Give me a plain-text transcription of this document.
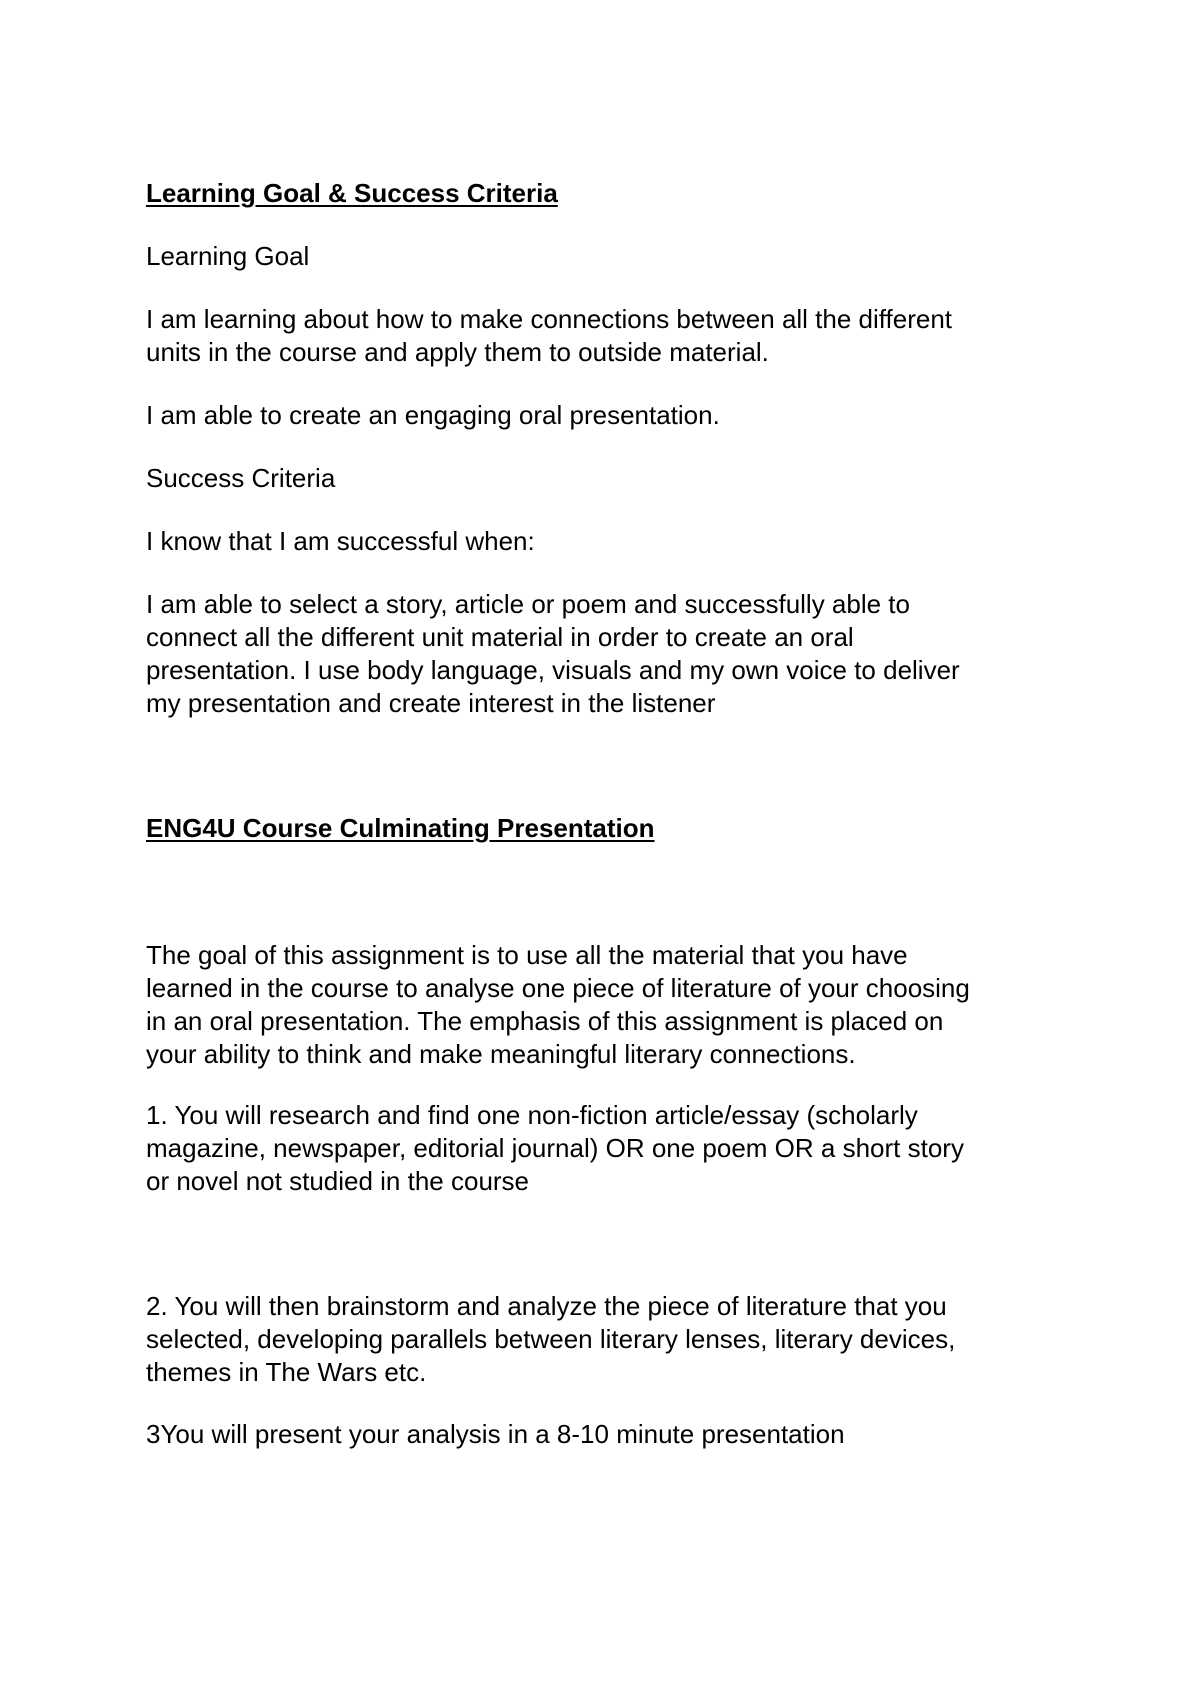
Learning Goal & Success Criteria

Learning Goal

I am learning about how to make connections between all the different
units in the course and apply them to outside material.

I am able to create an engaging oral presentation.

Success Criteria

I know that I am successful when:

I am able to select a story, article or poem and successfully able to
connect all the different unit material in order to create an oral
presentation. I use body language, visuals and my own voice to deliver
my presentation and create interest in the listener

ENG4U Course Culminating Presentation

The goal of this assignment is to use all the material that you have
learned in the course to analyse one piece of literature of your choosing
in an oral presentation. The emphasis of this assignment is placed on
your ability to think and make meaningful literary connections.

1. You will research and find one non-fiction article/essay (scholarly
magazine, newspaper, editorial journal) OR one poem OR a short story
or novel not studied in the course

2. You will then brainstorm and analyze the piece of literature that you
selected, developing parallels between literary lenses, literary devices,
themes in The Wars etc.

3You will present your analysis in a 8-10 minute presentation
